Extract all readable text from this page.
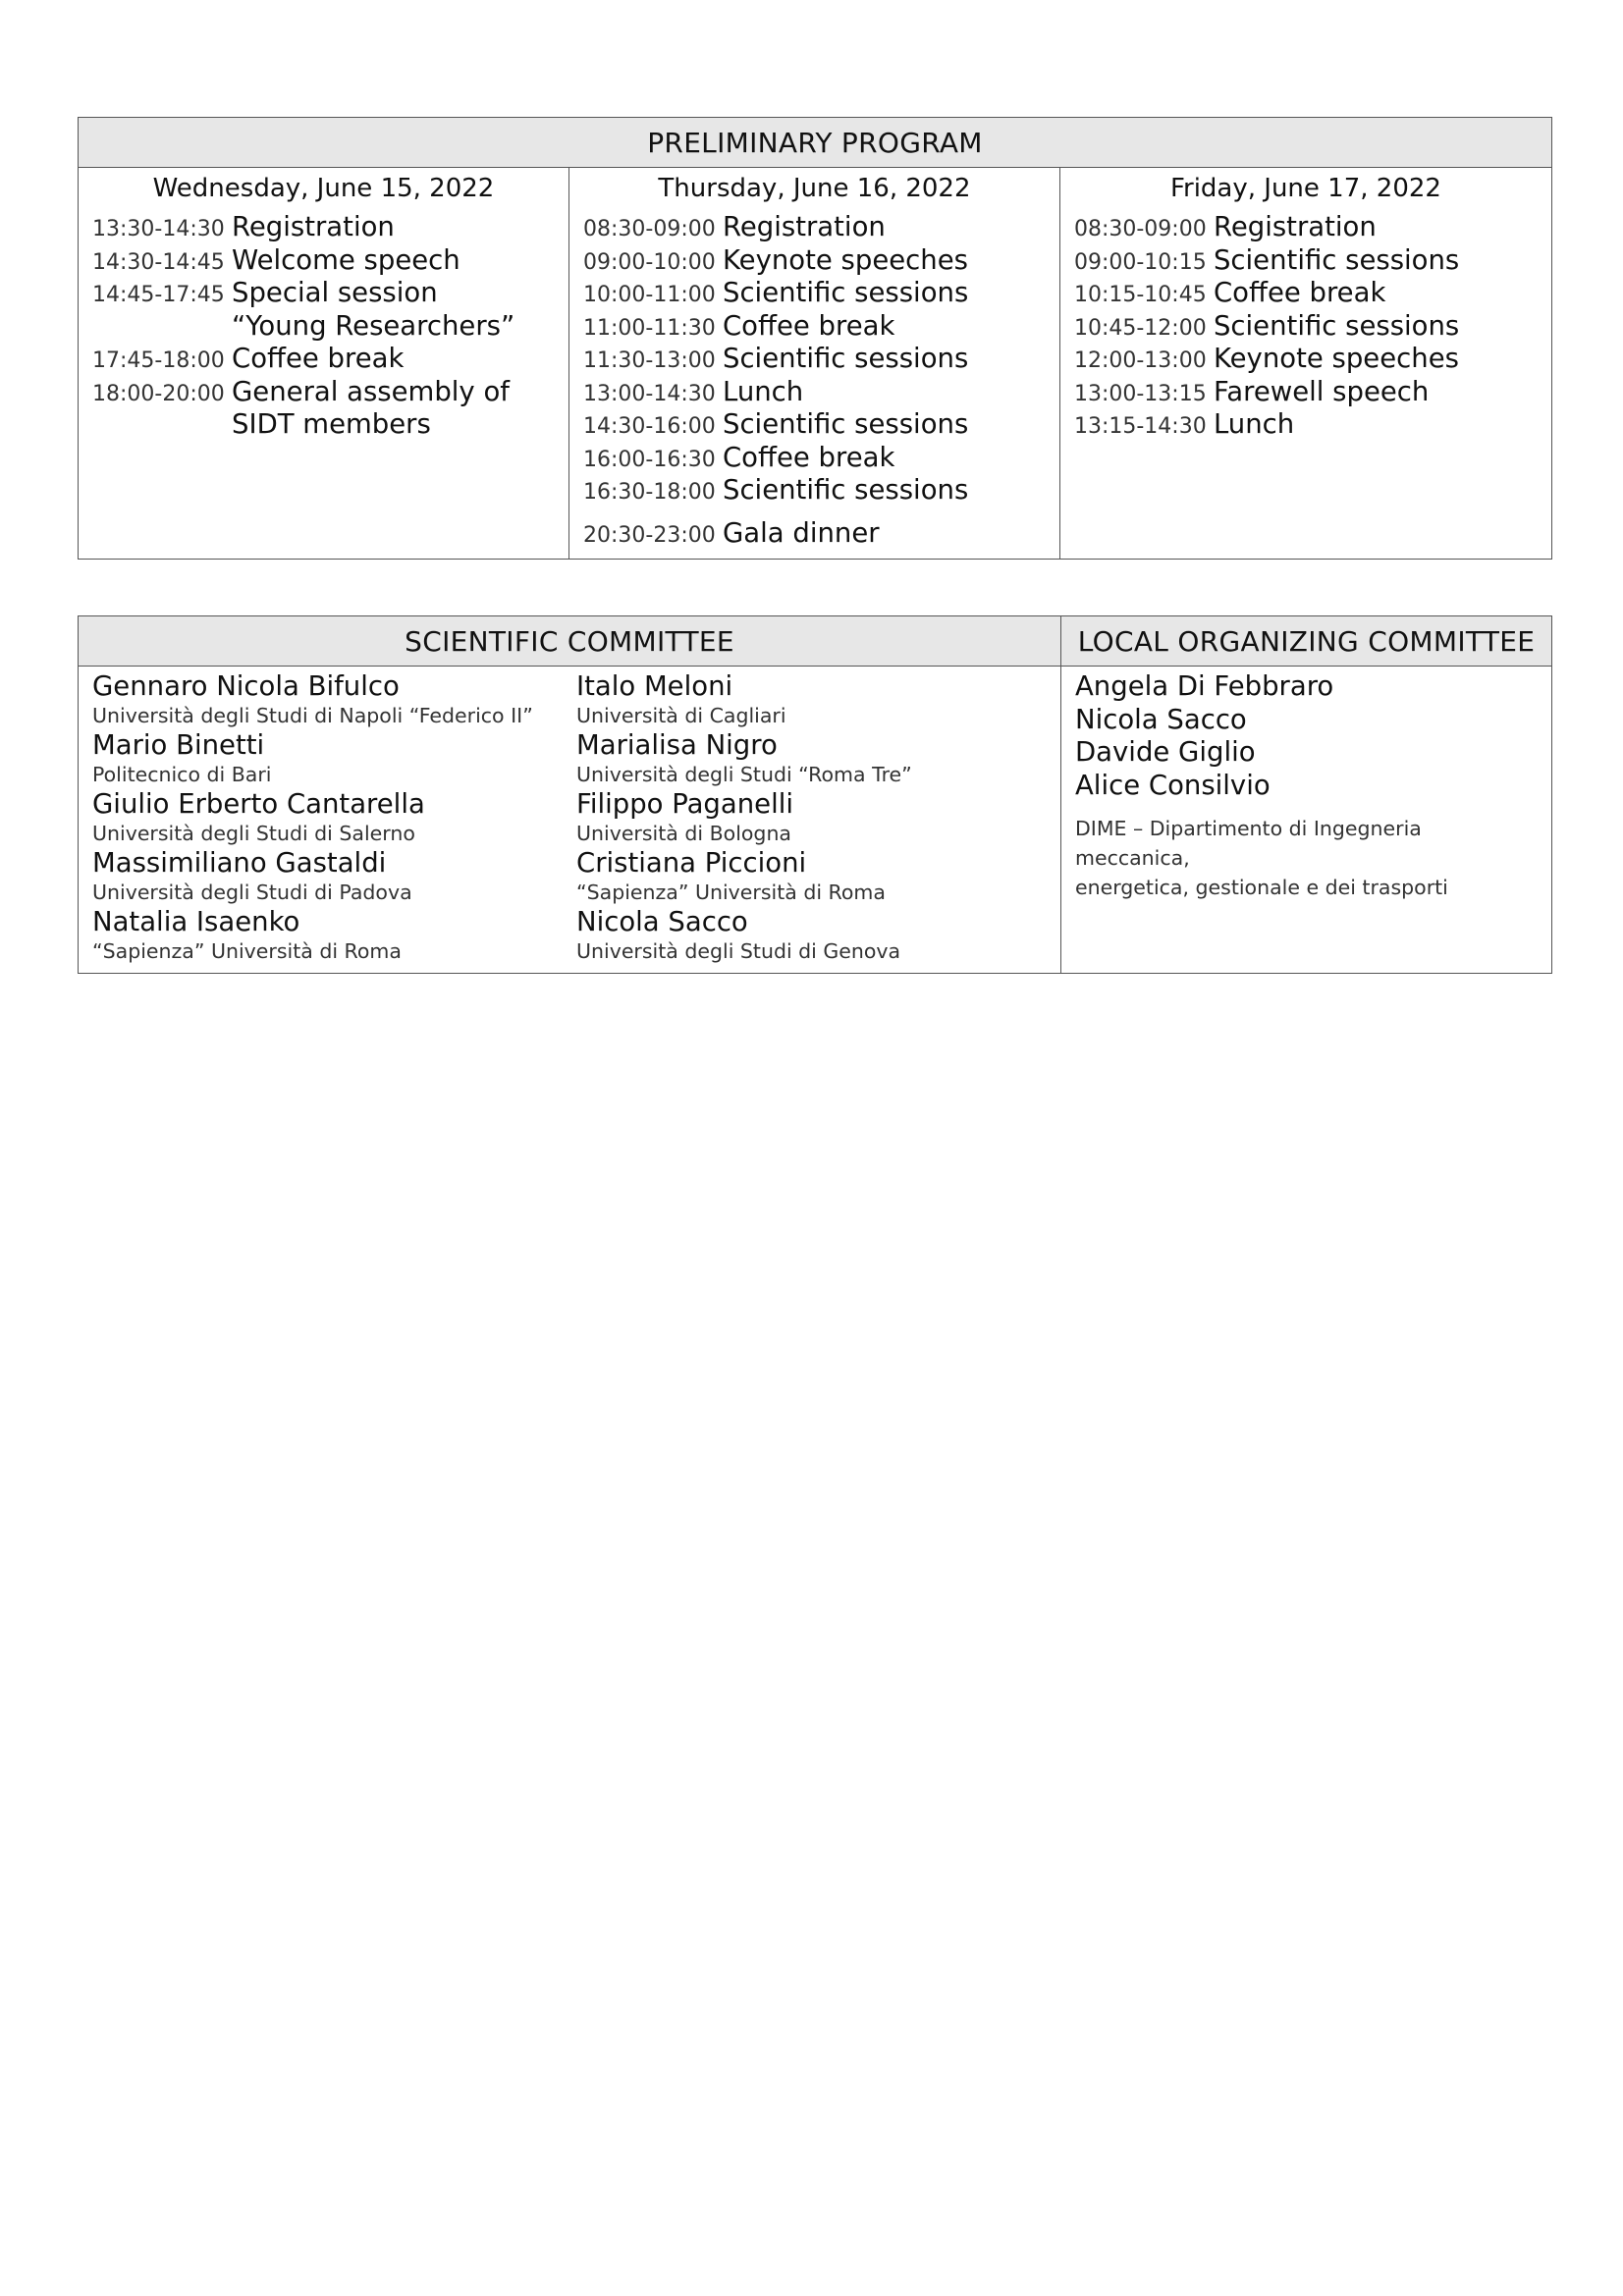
PRELIMINARY PROGRAM
Wednesday, June 15, 2022
13:30-14:30 Registration
14:30-14:45 Welcome speech
14:45-17:45 Special session
“Young Researchers”
17:45-18:00 Coffee break
18:00-20:00 General assembly of
SIDT members
Thursday, June 16, 2022
08:30-09:00 Registration
09:00-10:00 Keynote speeches
10:00-11:00 Scientific sessions
11:00-11:30 Coffee break
11:30-13:00 Scientific sessions
13:00-14:30 Lunch
14:30-16:00 Scientific sessions
16:00-16:30 Coffee break
16:30-18:00 Scientific sessions
20:30-23:00 Gala dinner
Friday, June 17, 2022
08:30-09:00 Registration
09:00-10:15 Scientific sessions
10:15-10:45 Coffee break
10:45-12:00 Scientific sessions
12:00-13:00 Keynote speeches
13:00-13:15 Farewell speech
13:15-14:30 Lunch
SCIENTIFIC COMMITTEE
Gennaro Nicola Bifulco
Università degli Studi di Napoli “Federico II”
Mario Binetti
Politecnico di Bari
Giulio Erberto Cantarella
Università degli Studi di Salerno
Massimiliano Gastaldi
Università degli Studi di Padova
Natalia Isaenko
“Sapienza” Università di Roma
Italo Meloni
Università di Cagliari
Marialisa Nigro
Università degli Studi “Roma Tre”
Filippo Paganelli
Università di Bologna
Cristiana Piccioni
“Sapienza” Università di Roma
Nicola Sacco
Università degli Studi di Genova
LOCAL ORGANIZING COMMITTEE
Angela Di Febbraro
Nicola Sacco
Davide Giglio
Alice Consilvio
DIME – Dipartimento di Ingegneria meccanica,
energetica, gestionale e dei trasporti
